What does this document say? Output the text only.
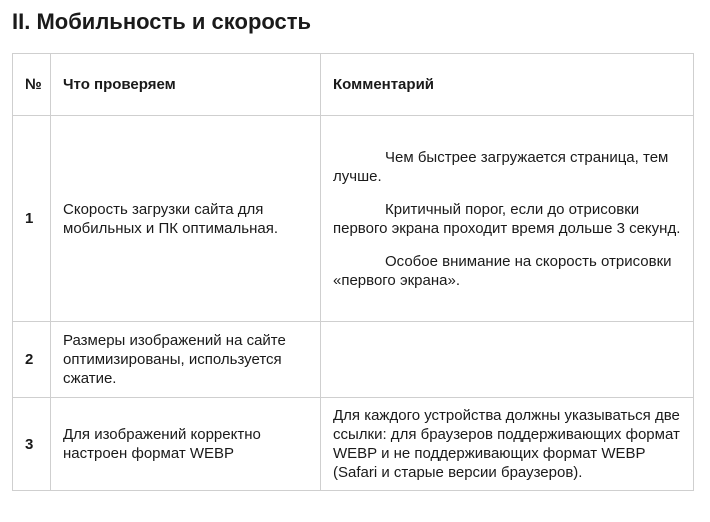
II. Мобильность и скорость
№	Что проверяем	Комментарий
1	Скорость загрузки сайта для мобильных и ПК оптимальная.	Чем быстрее загружается страница, тем лучше.

Критичный порог, если до отрисовки первого экрана проходит время дольше 3 секунд.

Особое внимание на скорость отрисовки «первого экрана».

2	Размеры изображений на сайте оптимизированы, используется сжатие.	
3	Для изображений корректно настроен формат WEBP	Для каждого устройства должны указываться две ссылки: для браузеров поддерживающих формат WEBP и не поддерживающих формат WEBP (Safari и старые версии браузеров).
